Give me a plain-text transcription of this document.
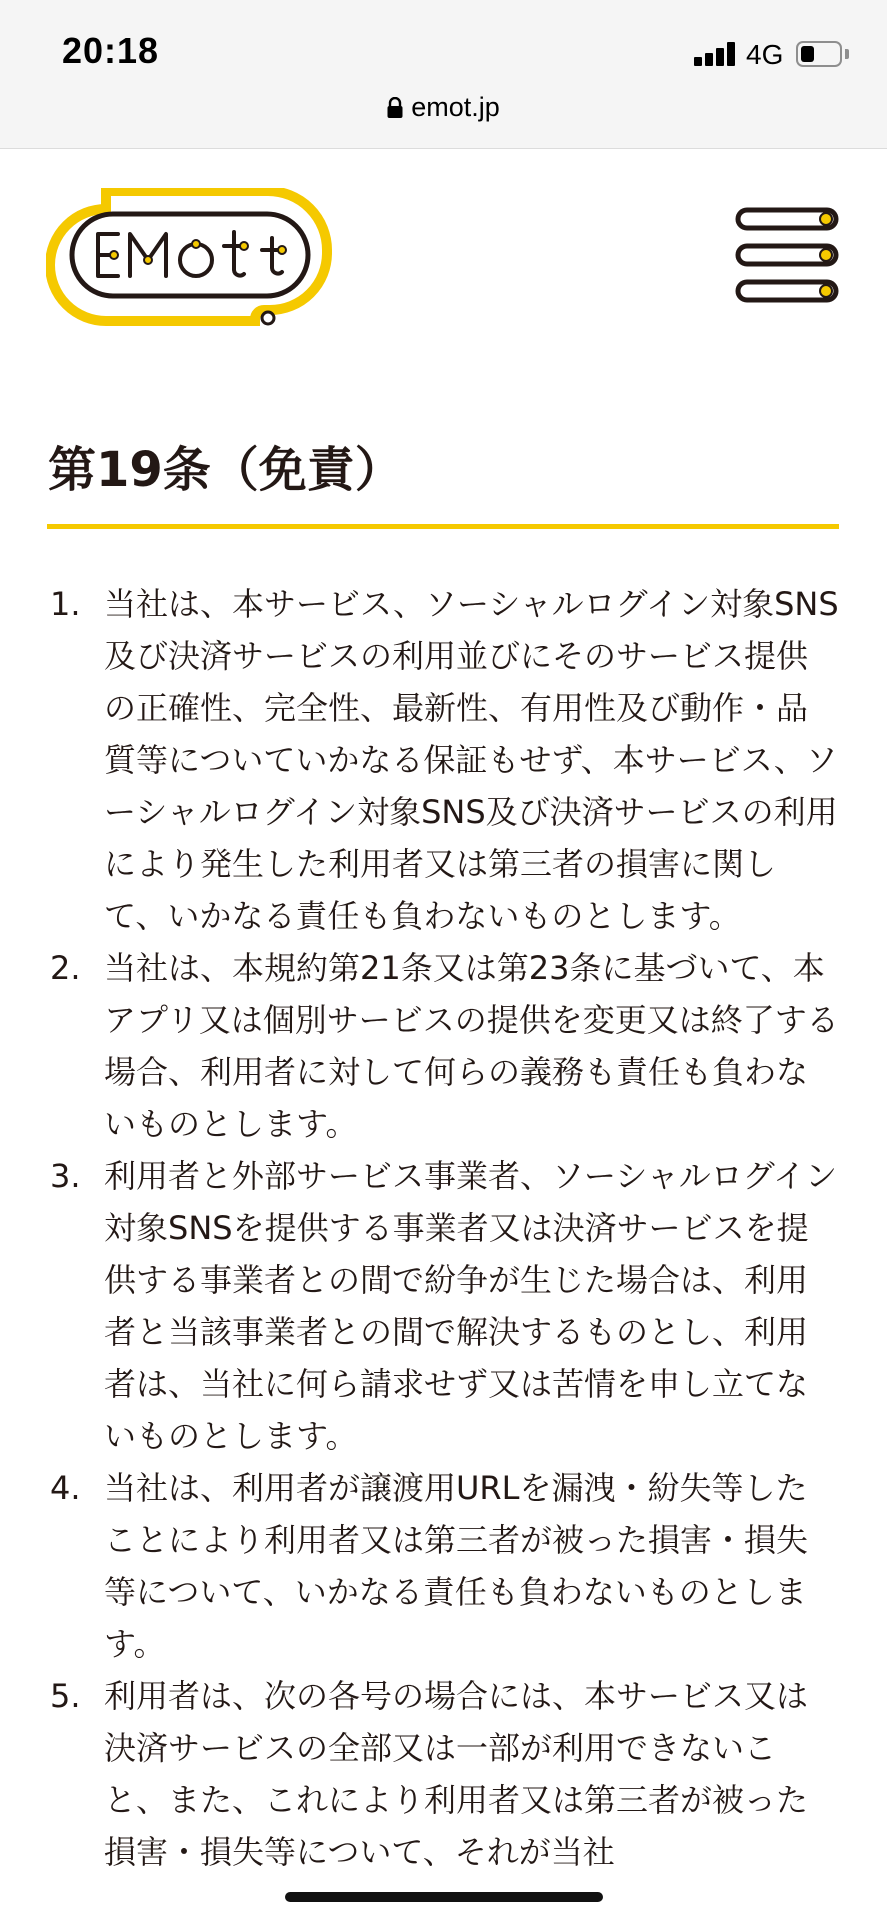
20:18	4G
emot.jp
第19条（免責）
1. 当社は、本サービス、ソーシャルログイン対象SNS及び決済サービスの利用並びにそのサービス提供の正確性、完全性、最新性、有用性及び動作・品質等についていかなる保証もせず、本サービス、ソーシャルログイン対象SNS及び決済サービスの利用により発生した利用者又は第三者の損害に関して、いかなる責任も負わないものとします。
2. 当社は、本規約第21条又は第23条に基づいて、本アプリ又は個別サービスの提供を変更又は終了する場合、利用者に対して何らの義務も責任も負わないものとします。
3. 利用者と外部サービス事業者、ソーシャルログイン対象SNSを提供する事業者又は決済サービスを提供する事業者との間で紛争が生じた場合は、利用者と当該事業者との間で解決するものとし、利用者は、当社に何ら請求せず又は苦情を申し立てないものとします。
4. 当社は、利用者が譲渡用URLを漏洩・紛失等したことにより利用者又は第三者が被った損害・損失等について、いかなる責任も負わないものとします。
5. 利用者は、次の各号の場合には、本サービス又は決済サービスの全部又は一部が利用できないこと、また、これにより利用者又は第三者が被った損害・損失等について、それが当社
